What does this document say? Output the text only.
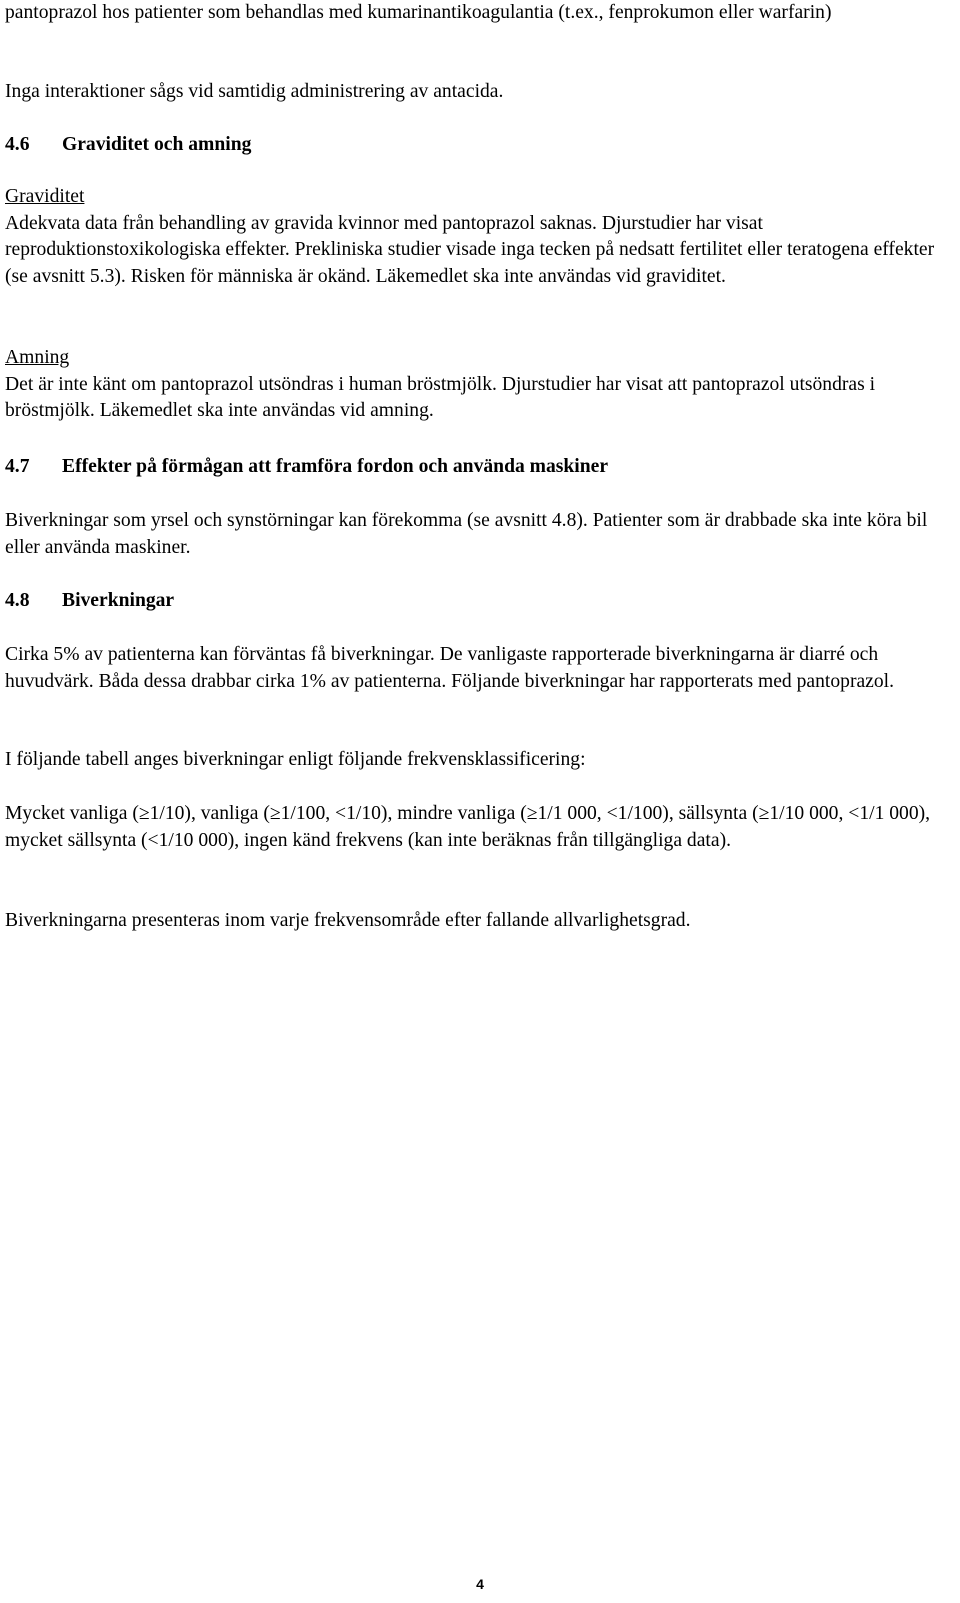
pantoprazol hos patienter som behandlas med kumarinantikoagulantia (t.ex., fenprokumon eller warfarin)

Inga interaktioner sågs vid samtidig administrering av antacida.

4.6 Graviditet och amning
Graviditet

Adekvata data från behandling av gravida kvinnor med pantoprazol saknas. Djurstudier har visat reproduktionstoxikologiska effekter. Prekliniska studier visade inga tecken på nedsatt fertilitet eller teratogena effekter (se avsnitt 5.3). Risken för människa är okänd. Läkemedlet ska inte användas vid graviditet.

Amning

Det är inte känt om pantoprazol utsöndras i human bröstmjölk. Djurstudier har visat att pantoprazol utsöndras i bröstmjölk. Läkemedlet ska inte användas vid amning.

4.7 Effekter på förmågan att framföra fordon och använda maskiner

Biverkningar som yrsel och synstörningar kan förekomma (se avsnitt 4.8). Patienter som är drabbade ska inte köra bil eller använda maskiner.

4.8 Biverkningar

Cirka 5% av patienterna kan förväntas få biverkningar. De vanligaste rapporterade biverkningarna är diarré och huvudvärk. Båda dessa drabbar cirka 1% av patienterna. Följande biverkningar har rapporterats med pantoprazol.

I följande tabell anges biverkningar enligt följande frekvensklassificering:

Mycket vanliga (≥1/10), vanliga (≥1/100, <1/10), mindre vanliga (≥1/1 000, <1/100), sällsynta (≥1/10 000, <1/1 000), mycket sällsynta (<1/10 000), ingen känd frekvens (kan inte beräknas från tillgängliga data).

Biverkningarna presenteras inom varje frekvensområde efter fallande allvarlighetsgrad.

4
